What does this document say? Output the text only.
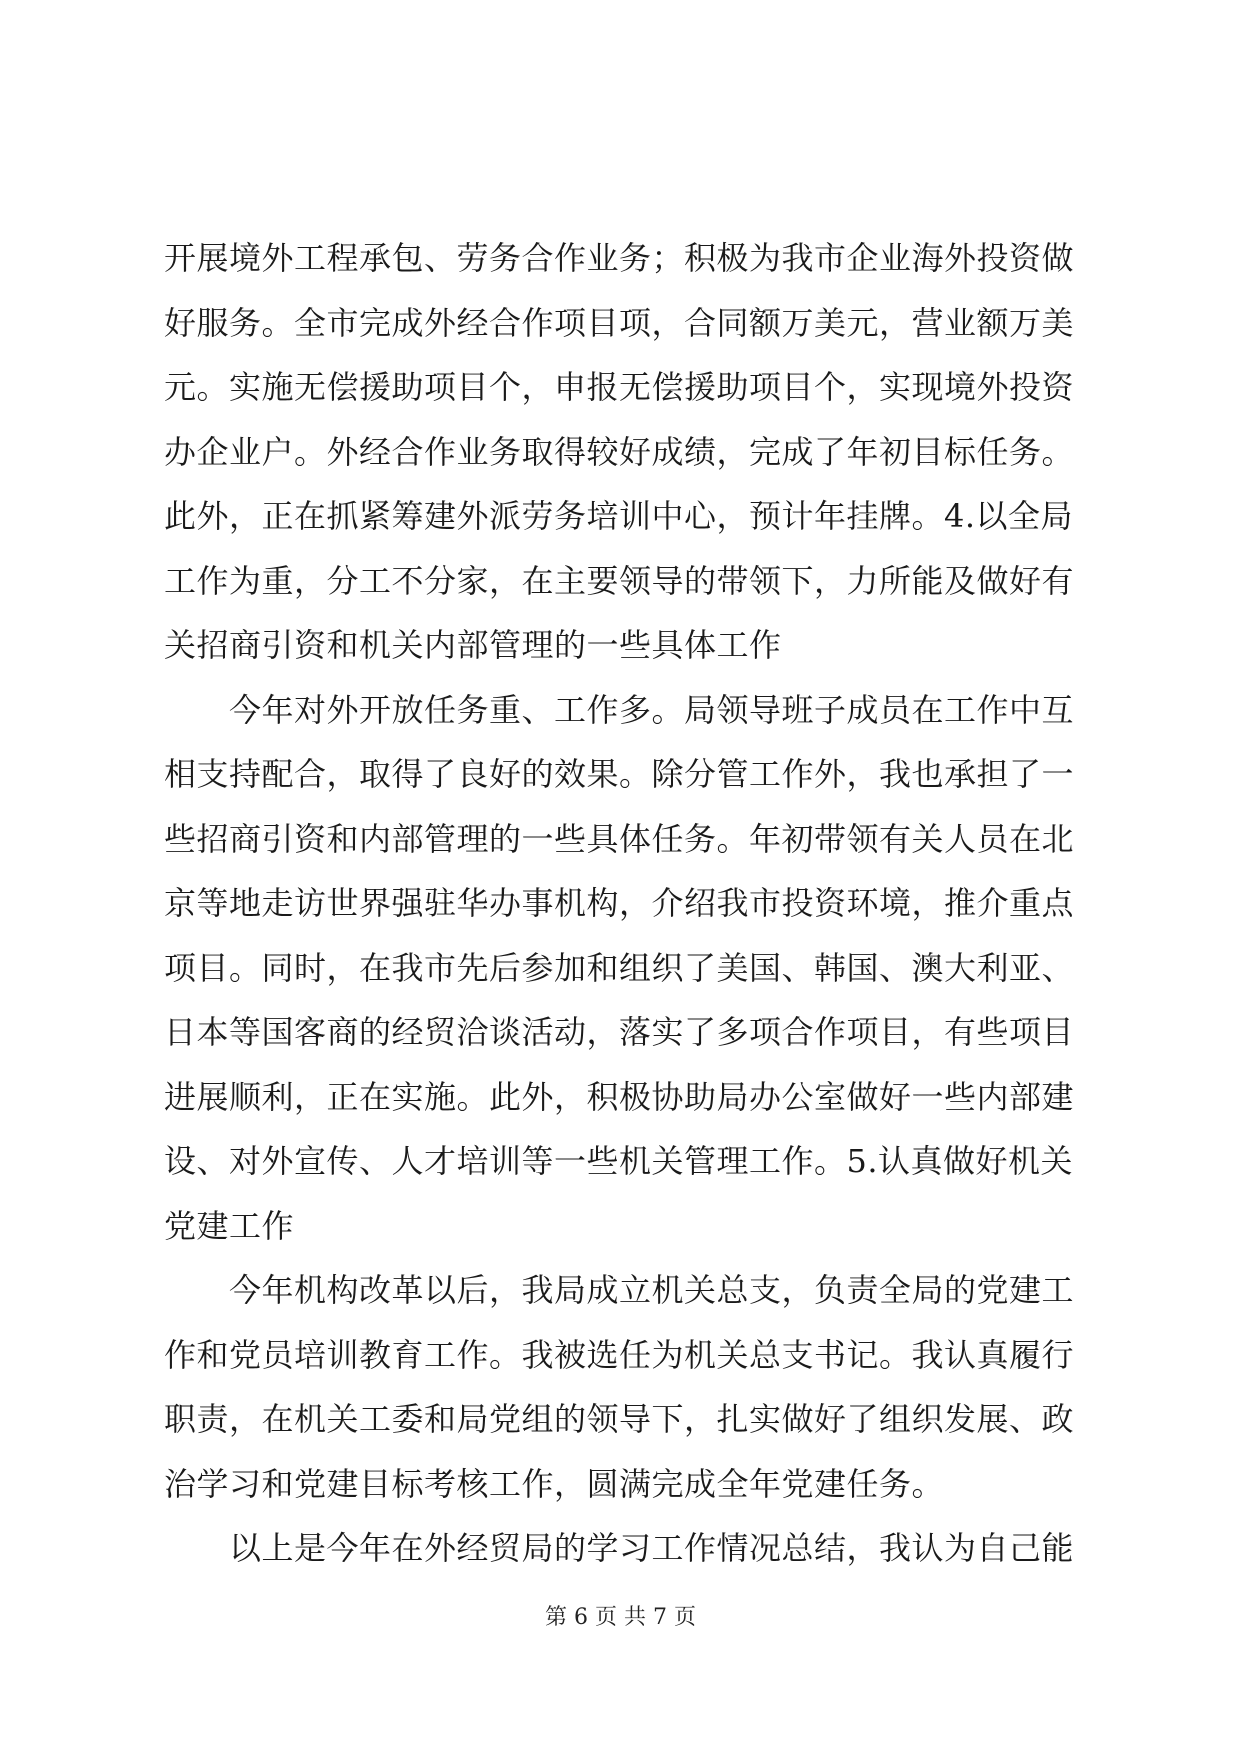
开展境外工程承包、劳务合作业务；积极为我市企业海外投资做
好服务。全市完成外经合作项目项，合同额万美元，营业额万美
元。实施无偿援助项目个，申报无偿援助项目个，实现境外投资
办企业户。外经合作业务取得较好成绩，完成了年初目标任务。
此外，正在抓紧筹建外派劳务培训中心，预计年挂牌。4.以全局
工作为重，分工不分家，在主要领导的带领下，力所能及做好有
关招商引资和机关内部管理的一些具体工作
　　今年对外开放任务重、工作多。局领导班子成员在工作中互
相支持配合，取得了良好的效果。除分管工作外，我也承担了一
些招商引资和内部管理的一些具体任务。年初带领有关人员在北
京等地走访世界强驻华办事机构，介绍我市投资环境，推介重点
项目。同时，在我市先后参加和组织了美国、韩国、澳大利亚、
日本等国客商的经贸洽谈活动，落实了多项合作项目，有些项目
进展顺利，正在实施。此外，积极协助局办公室做好一些内部建
设、对外宣传、人才培训等一些机关管理工作。5.认真做好机关
党建工作
　　今年机构改革以后，我局成立机关总支，负责全局的党建工
作和党员培训教育工作。我被选任为机关总支书记。我认真履行
职责，在机关工委和局党组的领导下，扎实做好了组织发展、政
治学习和党建目标考核工作，圆满完成全年党建任务。
　　以上是今年在外经贸局的学习工作情况总结，我认为自己能
第 6 页 共 7 页
